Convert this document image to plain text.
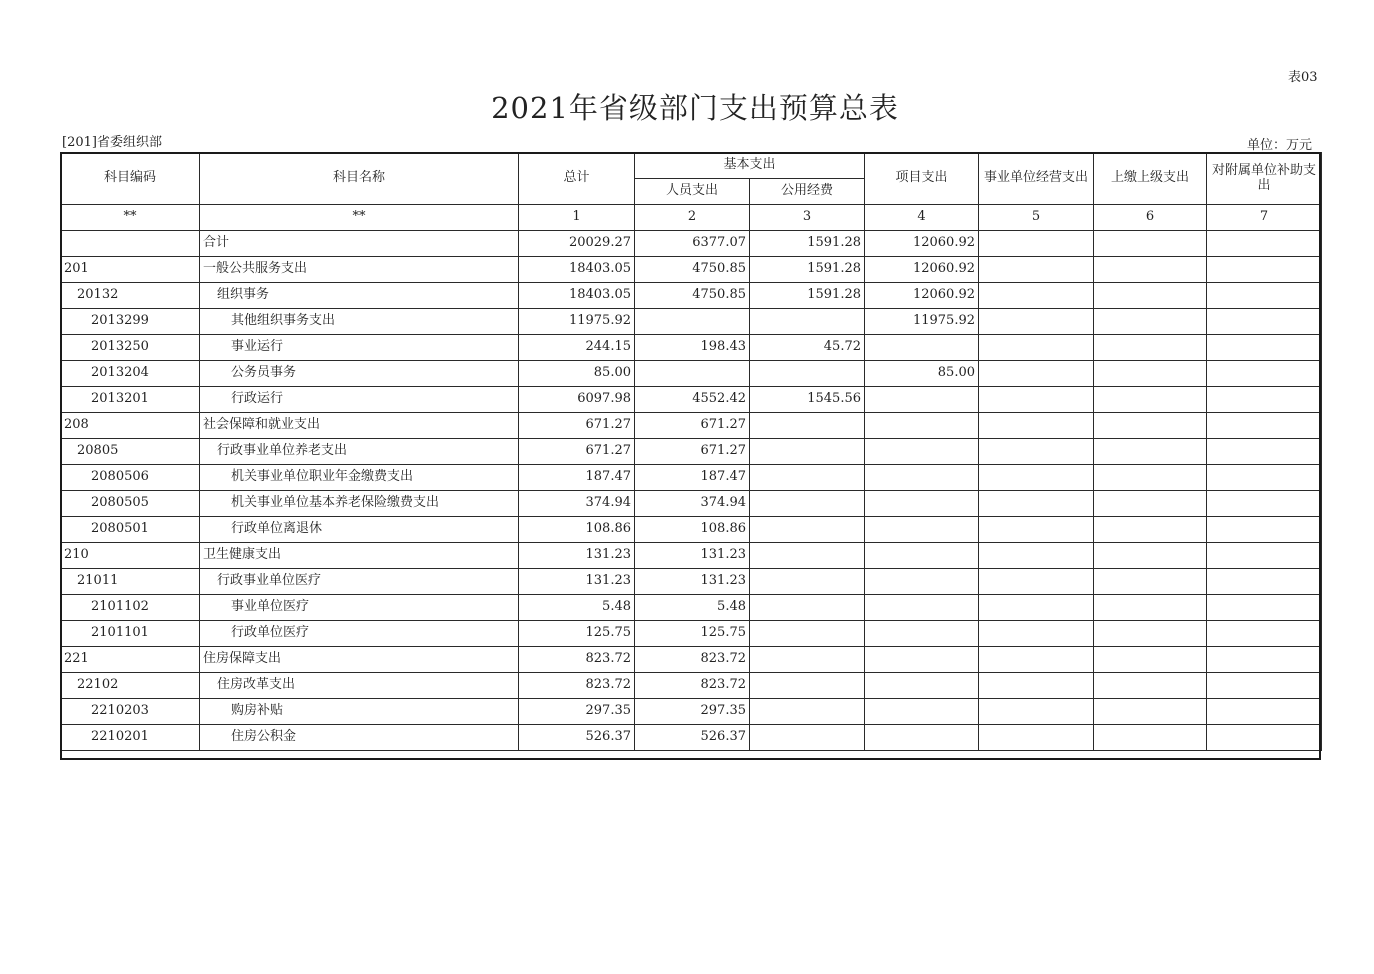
表03
2021年省级部门支出预算总表
[201]省委组织部	单位：万元
科目编码	科目名称	总计	基本支出		项目支出	事业单位经营支出	上缴上级支出	对附属单位补助支出
			人员支出	公用经费				
**	**	1	2	3	4	5	6	7
	合计	20029.27	6377.07	1591.28	12060.92			
201	一般公共服务支出	18403.05	4750.85	1591.28	12060.92			
20132	组织事务	18403.05	4750.85	1591.28	12060.92			
2013299	其他组织事务支出	11975.92			11975.92			
2013250	事业运行	244.15	198.43	45.72				
2013204	公务员事务	85.00			85.00			
2013201	行政运行	6097.98	4552.42	1545.56				
208	社会保障和就业支出	671.27	671.27					
20805	行政事业单位养老支出	671.27	671.27					
2080506	机关事业单位职业年金缴费支出	187.47	187.47					
2080505	机关事业单位基本养老保险缴费支出	374.94	374.94					
2080501	行政单位离退休	108.86	108.86					
210	卫生健康支出	131.23	131.23					
21011	行政事业单位医疗	131.23	131.23					
2101102	事业单位医疗	5.48	5.48					
2101101	行政单位医疗	125.75	125.75					
221	住房保障支出	823.72	823.72					
22102	住房改革支出	823.72	823.72					
2210203	购房补贴	297.35	297.35					
2210201	住房公积金	526.37	526.37					
